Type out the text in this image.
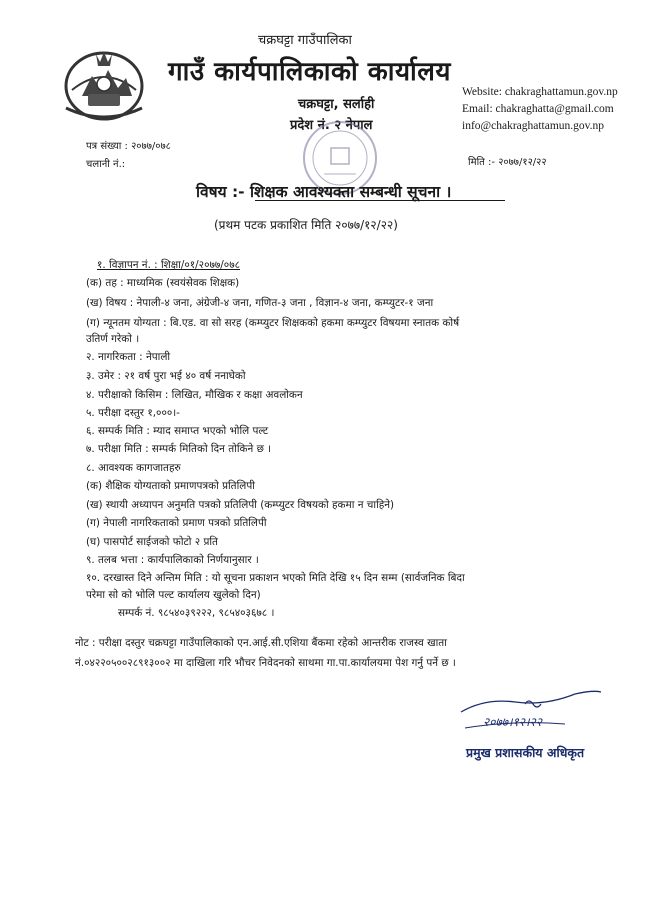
चक्रघट्टा गाउँपालिका
गाउँ कार्यपालिकाको कार्यालय
चक्रघट्टा, सर्लाही
प्रदेश नं. २ नेपाल
Website: chakraghattamun.gov.np
Email: chakraghatta@gmail.com
info@chakraghattamun.gov.np
पत्र संख्या : २०७७/०७८
चलानी नं.:	मिति :- २०७७/१२/२२
विषय :- शिक्षक आवश्यक्ता सम्बन्धी सूचना ।
(प्रथम पटक प्रकाशित मिति २०७७/१२/२२)
१. विज्ञापन नं. : शिक्षा/०१/२०७७/०७८
(क) तह : माध्यमिक (स्वयंसेवक शिक्षक)
(ख) विषय : नेपाली-४ जना, अंग्रेजी-४ जना, गणित-३ जना , विज्ञान-४ जना, कम्प्युटर-१ जना
(ग) न्यूनतम योग्यता : बि.एड. वा सो सरह (कम्प्युटर शिक्षकको हकमा कम्प्युटर विषयमा स्नातक कोर्ष
उतिर्ण गरेको ।
२. नागरिकता : नेपाली
३. उमेर : २१ वर्ष पुरा भई ४० वर्ष ननाघेको
४. परीक्षाको किसिम : लिखित, मौखिक र कक्षा अवलोकन
५. परीक्षा दस्तुर १,०००।-
६. सम्पर्क मिति : म्याद समाप्त भएको भोलि पल्ट
७. परीक्षा मिति : सम्पर्क मितिको दिन तोकिने छ ।
८. आवश्यक कागजातहरु
(क) शैक्षिक योग्यताको प्रमाणपत्रको प्रतिलिपी
(ख) स्थायी अध्यापन अनुमति पत्रको प्रतिलिपी (कम्प्युटर विषयको हकमा न चाहिने)
(ग) नेपाली नागरिकताको प्रमाण पत्रको प्रतिलिपी
(घ) पासपोर्ट साईजको फोटो २ प्रति
९. तलब भत्ता : कार्यपालिकाको निर्णयानुसार ।
१०. दरखास्त दिने अन्तिम मिति : यो सूचना प्रकाशन भएको मिति देखि १५ दिन सम्म (सार्वजनिक बिदा
परेमा सो को भोलि पल्ट कार्यालय खुलेको दिन)
सम्पर्क नं. ९८५४०३९२२२, ९८५४०३६७८ ।
नोट : परीक्षा दस्तुर चक्रघट्टा गाउँपालिकाको एन.आई.सी.एशिया बैंकमा रहेको आन्तरीक राजस्व खाता
नं.०४२२०५००२८९१३००२ मा दाखिला गरि भौचर निवेदनको साथमा गा.पा.कार्यालयमा पेश गर्नु पर्ने छ ।
२०७७।१२।२२
प्रमुख प्रशासकीय अधिकृत
